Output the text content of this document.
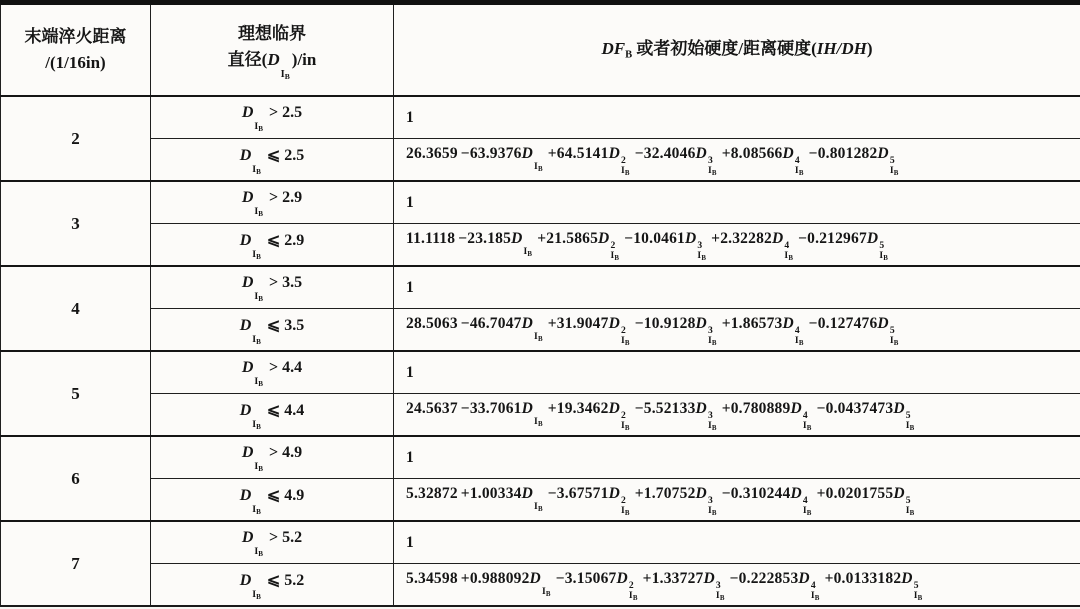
末端淬火距离
/(1/16in)	理想临界
直径(D
IB
)/in	$DF_B$ 或者初始硬度/距离硬度(IH/DH)

2	D
IB
> 2.5	1
D
IB
⩽ 2.5	26.3659 −63.9376D
IB
+64.5141D 2
IB
−32.4046D 3
IB
+8.08566D 4
IB
−0.801282D 5
IB

3	D
IB
> 2.9	1
D
IB
⩽ 2.9	11.1118 −23.185D
IB
+21.5865D 2
IB
−10.0461D 3
IB
+2.32282D 4
IB
−0.212967D 5
IB

4	D
IB
> 3.5	1
D
IB
⩽ 3.5	28.5063 −46.7047D
IB
+31.9047D 2
IB
−10.9128D 3
IB
+1.86573D 4
IB
−0.127476D 5
IB

5	D
IB
> 4.4	1
D
IB
⩽ 4.4	24.5637 −33.7061D
IB
+19.3462D 2
IB
−5.52133D 3
IB
+0.780889D 4
IB
−0.0437473D 5
IB

6	D
IB
> 4.9	1
D
IB
⩽ 4.9	5.32872 +1.00334D
IB
−3.67571D 2
IB
+1.70752D 3
IB
−0.310244D 4
IB
+0.0201755D 5
IB

7	D
IB
> 5.2	1
D
IB
⩽ 5.2	5.34598 +0.988092D
IB
−3.15067D 2
IB
+1.33727D 3
IB
−0.222853D 4
IB
+0.0133182D 5
IB
